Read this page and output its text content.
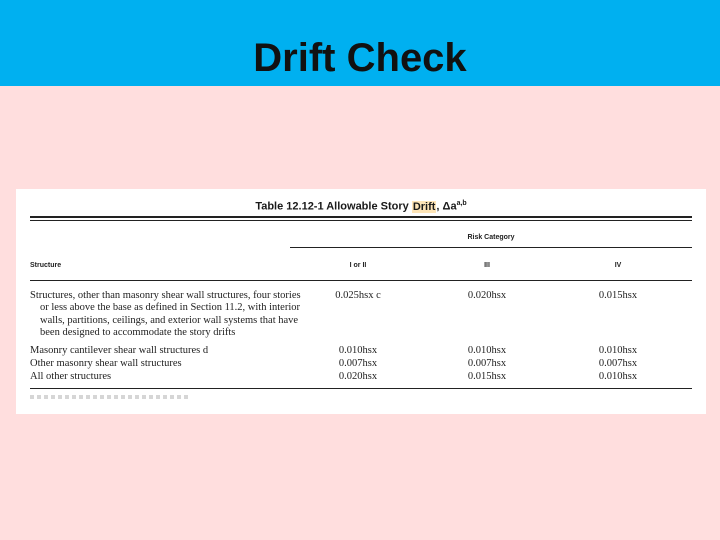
Drift Check
Table 12.12-1 Allowable Story Drift, Δa$^{a,b}$
Risk Category
Structure	I or II	III	IV
Structures, other than masonry shear wall structures, four stories
or less above the base as defined in Section 11.2, with interior
walls, partitions, ceilings, and exterior wall systems that have
been designed to accommodate the story drifts
0.025hsx c	0.020hsx	0.015hsx
Masonry cantilever shear wall structures d	0.010hsx	0.010hsx	0.010hsx
Other masonry shear wall structures	0.007hsx	0.007hsx	0.007hsx
All other structures	0.020hsx	0.015hsx	0.010hsx
